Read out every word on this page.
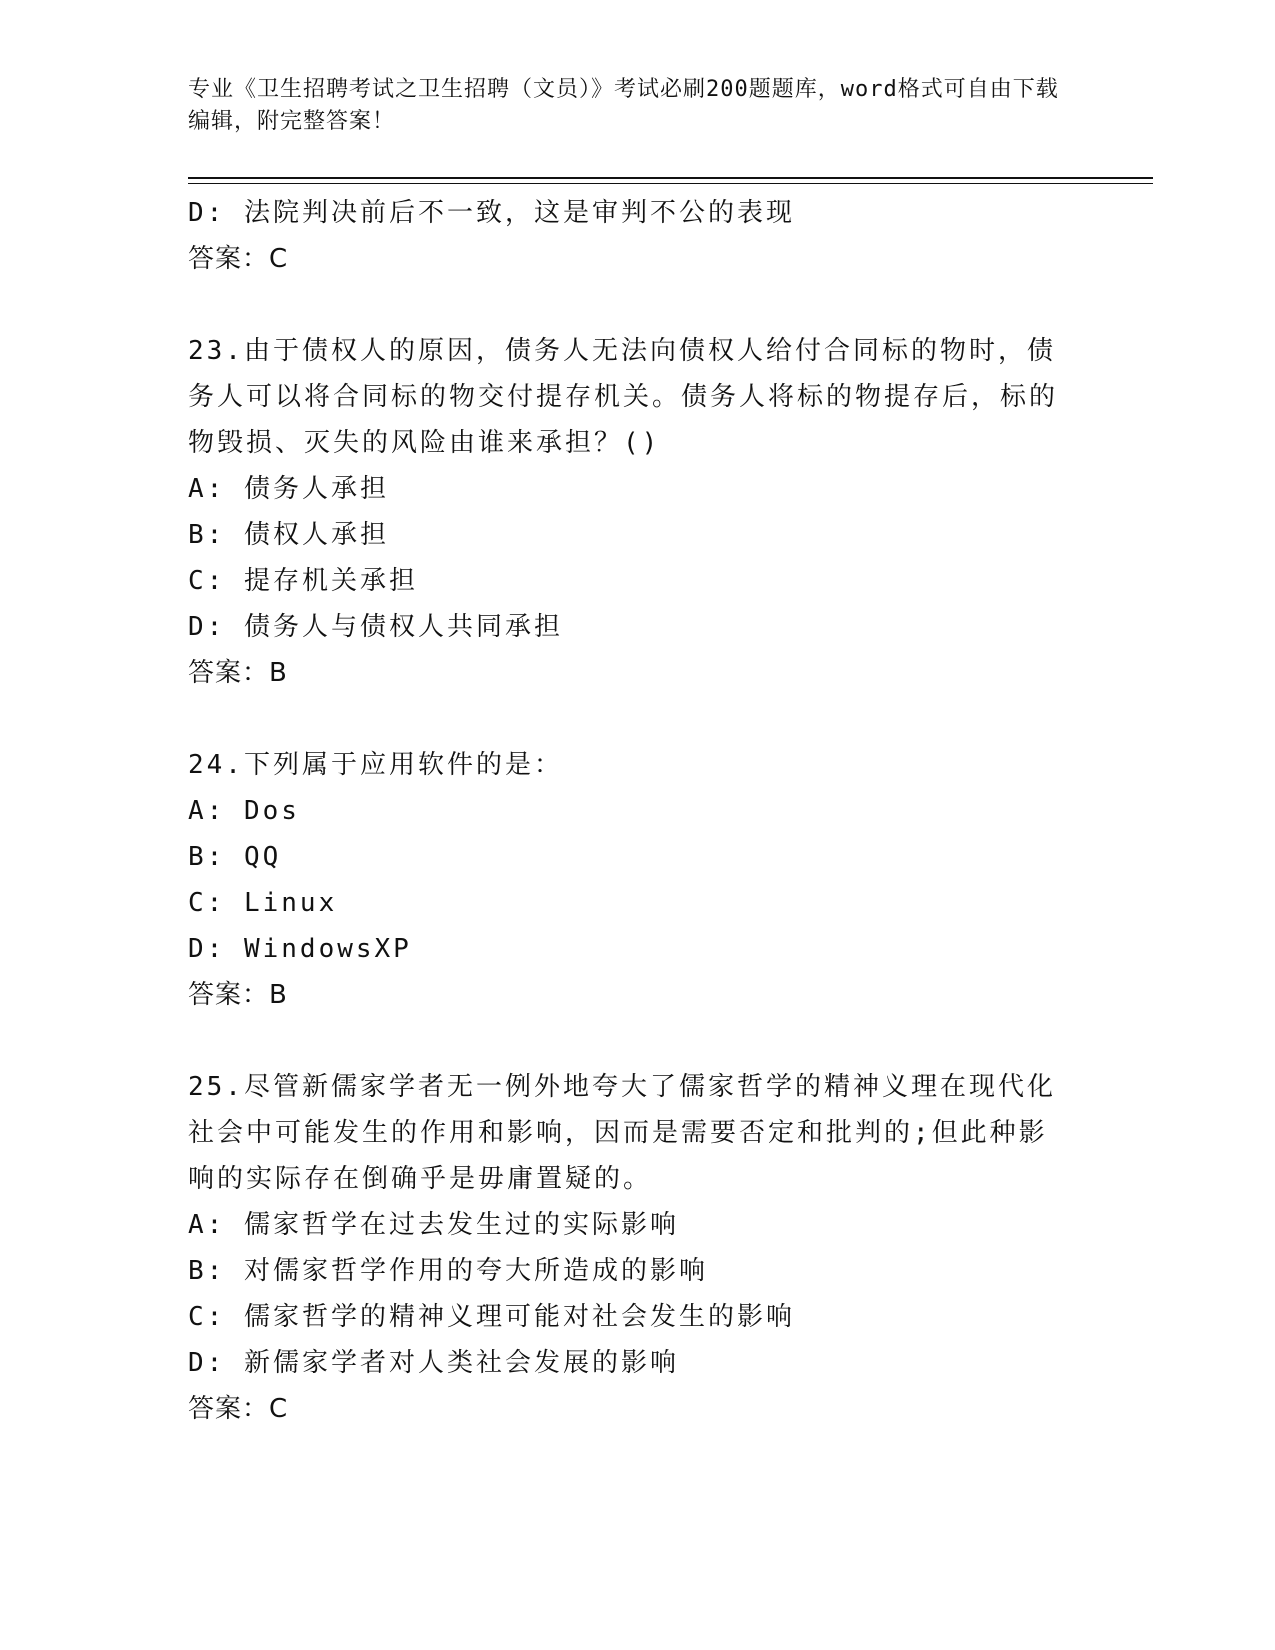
专业《卫生招聘考试之卫生招聘（文员）》考试必刷200题题库，word格式可自由下载编辑，附完整答案！
D: 法院判决前后不一致，这是审判不公的表现
答案：C
23.由于债权人的原因，债务人无法向债权人给付合同标的物时，债务人可以将合同标的物交付提存机关。债务人将标的物提存后，标的物毁损、灭失的风险由谁来承担？()
A: 债务人承担
B: 债权人承担
C: 提存机关承担
D: 债务人与债权人共同承担
答案：B
24.下列属于应用软件的是：
A: Dos
B: QQ
C: Linux
D: WindowsXP
答案：B
25.尽管新儒家学者无一例外地夸大了儒家哲学的精神义理在现代化社会中可能发生的作用和影响，因而是需要否定和批判的;但此种影响的实际存在倒确乎是毋庸置疑的。
A: 儒家哲学在过去发生过的实际影响
B: 对儒家哲学作用的夸大所造成的影响
C: 儒家哲学的精神义理可能对社会发生的影响
D: 新儒家学者对人类社会发展的影响
答案：C
